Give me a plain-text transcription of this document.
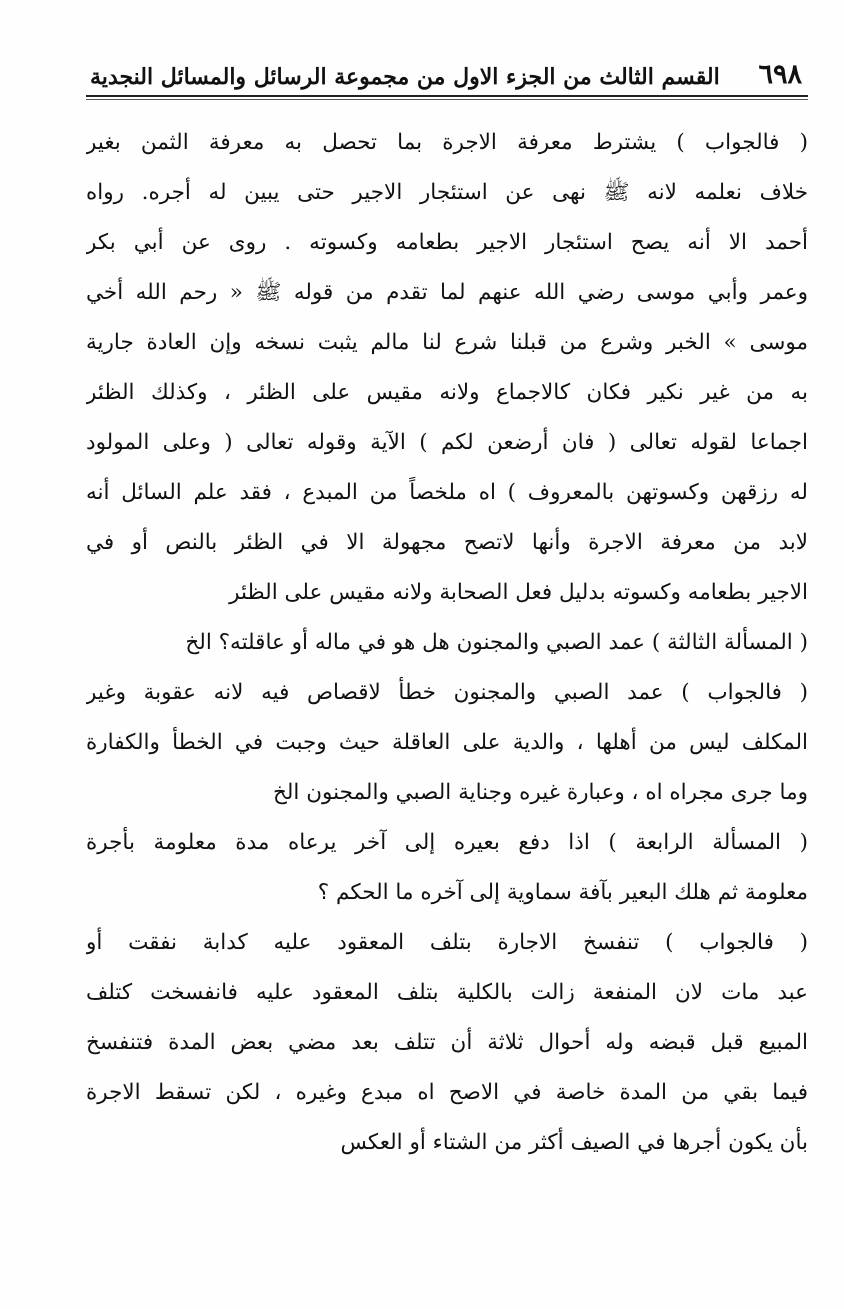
٦٩٨
القسم الثالث من الجزء الاول من مجموعة الرسائل والمسائل النجدية
( فالجواب ) يشترط معرفة الاجرة بما تحصل به معرفة الثمن بغير
خلاف نعلمه لانه ﷺ نهى عن استئجار الاجير حتى يبين له أجره. رواه
أحمد الا أنه يصح استئجار الاجير بطعامه وكسوته . روى عن أبي بكر
وعمر وأبي موسى رضي الله عنهم لما تقدم من قوله ﷺ « رحم الله أخي
موسى » الخبر وشرع من قبلنا شرع لنا مالم يثبت نسخه وإن العادة جارية
به من غير نكير فكان كالاجماع ولانه مقيس على الظئر ، وكذلك الظئر
اجماعا لقوله تعالى ( فان أرضعن لكم ) الآية وقوله تعالى ( وعلى المولود
له رزقهن وكسوتهن بالمعروف ) اه ملخصاً من المبدع ، فقد علم السائل أنه
لابد من معرفة الاجرة وأنها لاتصح مجهولة الا في الظئر بالنص أو في
الاجير بطعامه وكسوته بدليل فعل الصحابة ولانه مقيس على الظئر
( المسألة الثالثة ) عمد الصبي والمجنون هل هو في ماله أو عاقلته؟ الخ
( فالجواب ) عمد الصبي والمجنون خطأ لاقصاص فيه لانه عقوبة وغير
المكلف ليس من أهلها ، والدية على العاقلة حيث وجبت في الخطأ والكفارة
وما جرى مجراه اه ، وعبارة غيره وجناية الصبي والمجنون الخ
( المسألة الرابعة ) اذا دفع بعيره إلى آخر يرعاه مدة معلومة بأجرة
معلومة ثم هلك البعير بآفة سماوية إلى آخره ما الحكم ؟
( فالجواب ) تنفسخ الاجارة بتلف المعقود عليه كدابة نفقت أو
عبد مات لان المنفعة زالت بالكلية بتلف المعقود عليه فانفسخت كتلف
المبيع قبل قبضه وله أحوال ثلاثة أن تتلف بعد مضي بعض المدة فتنفسخ
فيما بقي من المدة خاصة في الاصح اه مبدع وغيره ، لكن تسقط الاجرة
بأن يكون أجرها في الصيف أكثر من الشتاء أو العكس
